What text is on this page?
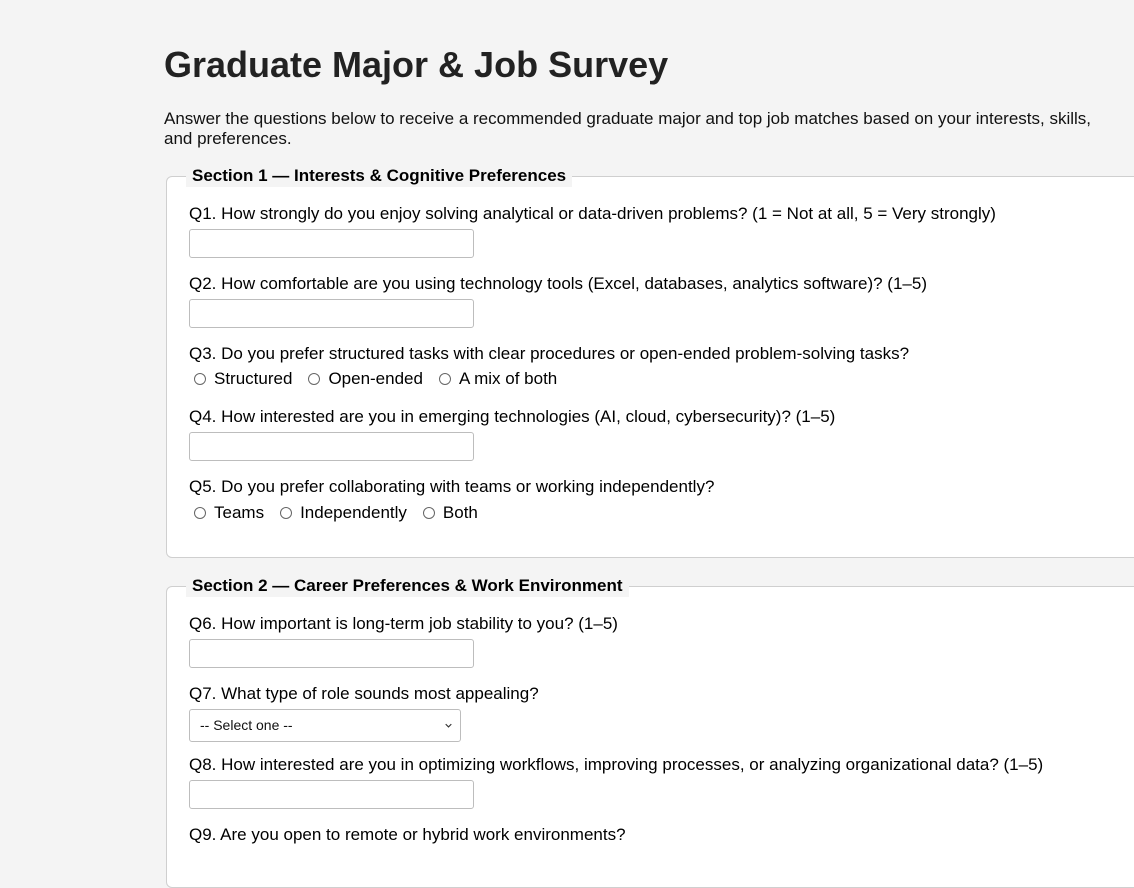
Graduate Major & Job Survey
Answer the questions below to receive a recommended graduate major and top job matches based on your interests, skills, and preferences.
Section 1 — Interests & Cognitive Preferences
Q1. How strongly do you enjoy solving analytical or data-driven problems? (1 = Not at all, 5 = Very strongly)
Q2. How comfortable are you using technology tools (Excel, databases, analytics software)? (1–5)
Q3. Do you prefer structured tasks with clear procedures or open-ended problem-solving tasks?
Structured Open-ended A mix of both
Q4. How interested are you in emerging technologies (AI, cloud, cybersecurity)? (1–5)
Q5. Do you prefer collaborating with teams or working independently?
Teams Independently Both
Section 2 — Career Preferences & Work Environment
Q6. How important is long-term job stability to you? (1–5)
Q7. What type of role sounds most appealing?
-- Select one --
Q8. How interested are you in optimizing workflows, improving processes, or analyzing organizational data? (1–5)
Q9. Are you open to remote or hybrid work environments?
